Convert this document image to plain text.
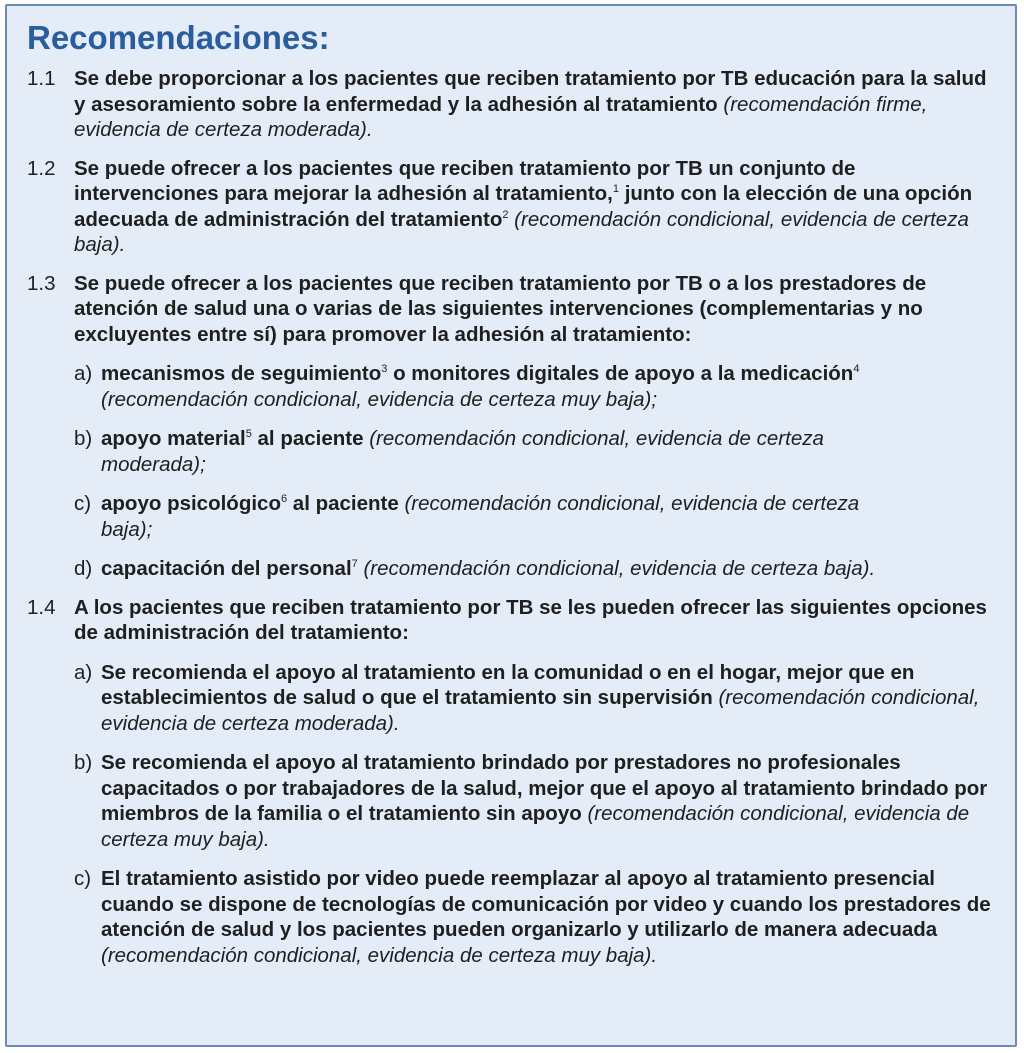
Recomendaciones:
1.1 Se debe proporcionar a los pacientes que reciben tratamiento por TB educación para la salud y asesoramiento sobre la enfermedad y la adhesión al tratamiento (recomendación firme, evidencia de certeza moderada).
1.2 Se puede ofrecer a los pacientes que reciben tratamiento por TB un conjunto de intervenciones para mejorar la adhesión al tratamiento,$^1$ junto con la elección de una opción adecuada de administración del tratamiento$^2$ (recomendación condicional, evidencia de certeza baja).
1.3 Se puede ofrecer a los pacientes que reciben tratamiento por TB o a los prestadores de atención de salud una o varias de las siguientes intervenciones (complementarias y no excluyentes entre sí) para promover la adhesión al tratamiento:
a) mecanismos de seguimiento$^3$ o monitores digitales de apoyo a la medicación$^4$ (recomendación condicional, evidencia de certeza muy baja);
b) apoyo material$^5$ al paciente (recomendación condicional, evidencia de certeza moderada);
c) apoyo psicológico$^6$ al paciente (recomendación condicional, evidencia de certeza baja);
d) capacitación del personal$^7$ (recomendación condicional, evidencia de certeza baja).
1.4 A los pacientes que reciben tratamiento por TB se les pueden ofrecer las siguientes opciones de administración del tratamiento:
a) Se recomienda el apoyo al tratamiento en la comunidad o en el hogar, mejor que en establecimientos de salud o que el tratamiento sin supervisión (recomendación condicional, evidencia de certeza moderada).
b) Se recomienda el apoyo al tratamiento brindado por prestadores no profesionales capacitados o por trabajadores de la salud, mejor que el apoyo al tratamiento brindado por miembros de la familia o el tratamiento sin apoyo (recomendación condicional, evidencia de certeza muy baja).
c) El tratamiento asistido por video puede reemplazar al apoyo al tratamiento presencial cuando se dispone de tecnologías de comunicación por video y cuando los prestadores de atención de salud y los pacientes pueden organizarlo y utilizarlo de manera adecuada (recomendación condicional, evidencia de certeza muy baja).
